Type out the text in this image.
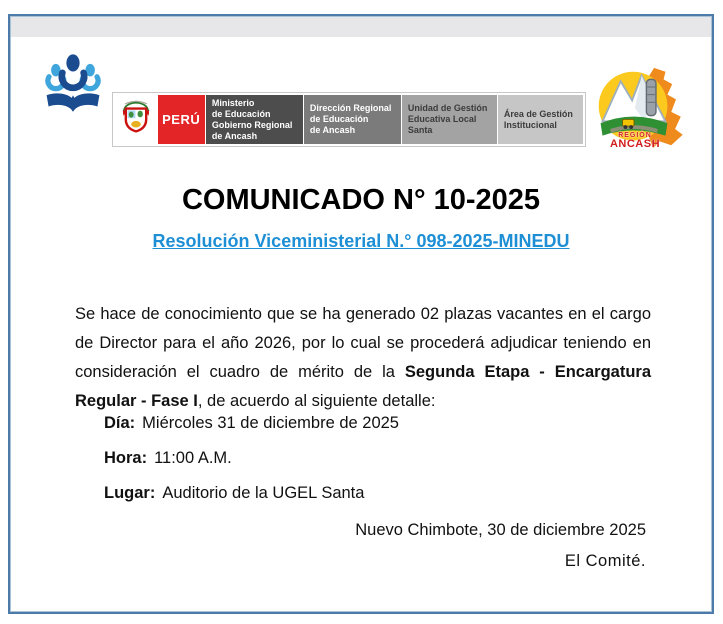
PERÚ
Ministerio
de Educación
Gobierno Regional
de Ancash
Dirección Regional
de Educación
de Ancash
Unidad de Gestión
Educativa Local
Santa
Área de Gestión
Institucional
REGIÓN
ANCASH
COMUNICADO N° 10-2025
Resolución Viceministerial N.° 098-2025-MINEDU
Se hace de conocimiento que se ha generado 02 plazas vacantes en el cargo de Director para el año 2026, por lo cual se procederá adjudicar teniendo en consideración el cuadro de mérito de la Segunda Etapa - Encargatura Regular - Fase I, de acuerdo al siguiente detalle:
Día: Miércoles 31 de diciembre de 2025
Hora: 11:00 A.M.
Lugar: Auditorio de la UGEL Santa
Nuevo Chimbote, 30 de diciembre 2025
El Comité.
